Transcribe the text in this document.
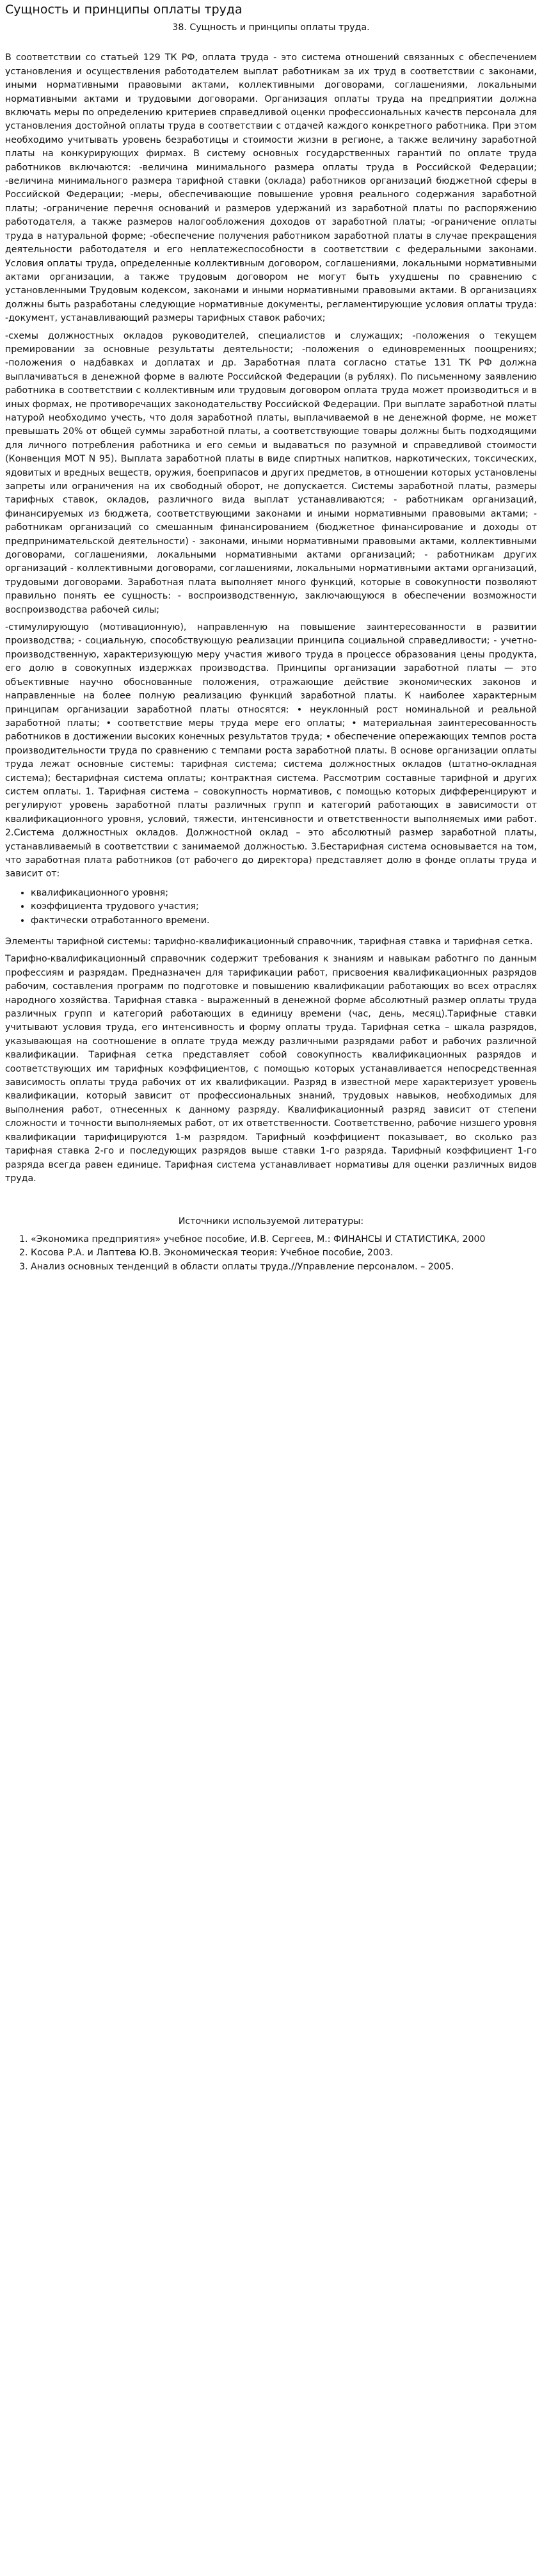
Сущность и принципы оплаты труда

38. Сущность и принципы оплаты труда.

В соответствии со статьей 129 ТК РФ, оплата труда - это система отношений связанных с обеспечением установления и осуществления работодателем выплат работникам за их труд в соответствии с законами, иными нормативными правовыми актами, коллективными договорами, соглашениями, локальными нормативными актами и трудовыми договорами. Организация оплаты труда на предприятии должна включать меры по определению критериев справедливой оценки профессиональных качеств персонала для установления достойной оплаты труда в соответствии с отдачей каждого конкретного работника. При этом необходимо учитывать уровень безработицы и стоимости жизни в регионе, а также величину заработной платы на конкурирующих фирмах. В систему основных государственных гарантий по оплате труда работников включаются: -величина минимального размера оплаты труда в Российской Федерации; -величина минимального размера тарифной ставки (оклада) работников организаций бюджетной сферы в Российской Федерации; -меры, обеспечивающие повышение уровня реального содержания заработной платы; -ограничение перечня оснований и размеров удержаний из заработной платы по распоряжению работодателя, а также размеров налогообложения доходов от заработной платы; -ограничение оплаты труда в натуральной форме; -обеспечение получения работником заработной платы в случае прекращения деятельности работодателя и его неплатежеспособности в соответствии с федеральными законами. Условия оплаты труда, определенные коллективным договором, соглашениями, локальными нормативными актами организации, а также трудовым договором не могут быть ухудшены по сравнению с установленными Трудовым кодексом, законами и иными нормативными правовыми актами. В организациях должны быть разработаны следующие нормативные документы, регламентирующие условия оплаты труда: -документ, устанавливающий размеры тарифных ставок рабочих;

-схемы должностных окладов руководителей, специалистов и служащих; -положения о текущем премировании за основные результаты деятельности; -положения о единовременных поощрениях; -положения о надбавках и доплатах и др. Заработная плата согласно статье 131 ТК РФ должна выплачиваться в денежной форме в валюте Российской Федерации (в рублях). По письменному заявлению работника в соответствии с коллективным или трудовым договором оплата труда может производиться и в иных формах, не противоречащих законодательству Российской Федерации. При выплате заработной платы натурой необходимо учесть, что доля заработной платы, выплачиваемой в не денежной форме, не может превышать 20% от общей суммы заработной платы, а соответствующие товары должны быть подходящими для личного потребления работника и его семьи и выдаваться по разумной и справедливой стоимости (Конвенция МОТ N 95). Выплата заработной платы в виде спиртных напитков, наркотических, токсических, ядовитых и вредных веществ, оружия, боеприпасов и других предметов, в отношении которых установлены запреты или ограничения на их свободный оборот, не допускается. Системы заработной платы, размеры тарифных ставок, окладов, различного вида выплат устанавливаются; - работникам организаций, финансируемых из бюджета, соответствующими законами и иными нормативными правовыми актами; - работникам организаций со смешанным финансированием (бюджетное финансирование и доходы от предпринимательской деятельности) - законами, иными нормативными правовыми актами, коллективными договорами, соглашениями, локальными нормативными актами организаций; - работникам других организаций - коллективными договорами, соглашениями, локальными нормативными актами организаций, трудовыми договорами. Заработная плата выполняет много функций, которые в совокупности позволяют правильно понять ее сущность: - воспроизводственную, заключающуюся в обеспечении возможности воспроизводства рабочей силы;

-стимулирующую (мотивационную), направленную на повышение заинтересованности в развитии производства; - социальную, способствующую реализации принципа социальной справедливости; - учетно-производственную, характеризующую меру участия живого труда в процессе образования цены продукта, его долю в совокупных издержках производства. Принципы организации заработной платы — это объективные научно обоснованные положения, отражающие действие экономических законов и направленные на более полную реализацию функций заработной платы. К наиболее характерным принципам организации заработной платы относятся: • неуклонный рост номинальной и реальной заработной платы; • соответствие меры труда мере его оплаты; • материальная заинтересованность работников в достижении высоких конечных результатов труда; • обеспечение опережающих темпов роста производительности труда по сравнению с темпами роста заработной платы. В основе организации оплаты труда лежат основные системы: тарифная система; система должностных окладов (штатно-окладная система); бестарифная система оплаты; контрактная система. Рассмотрим составные тарифной и других систем оплаты. 1. Тарифная система – совокупность нормативов, с помощью которых дифференцируют и регулируют уровень заработной платы различных групп и категорий работающих в зависимости от квалификационного уровня, условий, тяжести, интенсивности и ответственности выполняемых ими работ. 2.Система должностных окладов. Должностной оклад – это абсолютный размер заработной платы, устанавливаемый в соответствии с занимаемой должностью. 3.Бестарифная система основывается на том, что заработная плата работников (от рабочего до директора) представляет долю в фонде оплаты труда и зависит от:

• квалификационного уровня;
• коэффициента трудового участия;
• фактически отработанного времени.

Элементы тарифной системы: тарифно-квалификационный справочник, тарифная ставка и тарифная сетка.

Тарифно-квалификационный справочник содержит требования к знаниям и навыкам работнго по данным профессиям и разрядам. Предназначен для тарификации работ, присвоения квалификационных разрядов рабочим, составления программ по подготовке и повышению квалификации работающих во всех отраслях народного хозяйства. Тарифная ставка - выраженный в денежной форме абсолютный размер оплаты труда различных групп и категорий работающих в единицу времени (час, день, месяц).Тарифные ставки учитывают условия труда, его интенсивность и форму оплаты труда. Тарифная сетка – шкала разрядов, указывающая на соотношение в оплате труда между различными разрядами работ и рабочих различной квалификации. Тарифная сетка представляет собой совокупность квалификационных разрядов и соответствующих им тарифных коэффициентов, с помощью которых устанавливается непосредственная зависимость оплаты труда рабочих от их квалификации. Разряд в известной мере характеризует уровень квалификации, который зависит от профессиональных знаний, трудовых навыков, необходимых для выполнения работ, отнесенных к данному разряду. Квалификационный разряд зависит от степени сложности и точности выполняемых работ, от их ответственности. Соответственно, рабочие низшего уровня квалификации тарифицируются 1-м разрядом. Тарифный коэффициент показывает, во сколько раз тарифная ставка 2-го и последующих разрядов выше ставки 1-го разряда. Тарифный коэффициент 1-го разряда всегда равен единице. Тарифная система устанавливает нормативы для оценки различных видов труда.

Источники используемой литературы:
1. «Экономика предприятия» учебное пособие, И.В. Сергеев, М.: ФИНАНСЫ И СТАТИСТИКА, 2000
2. Косова Р.А. и Лаптева Ю.В. Экономическая теория: Учебное пособие, 2003.
3. Анализ основных тенденций в области оплаты труда.//Управление персоналом. – 2005.
